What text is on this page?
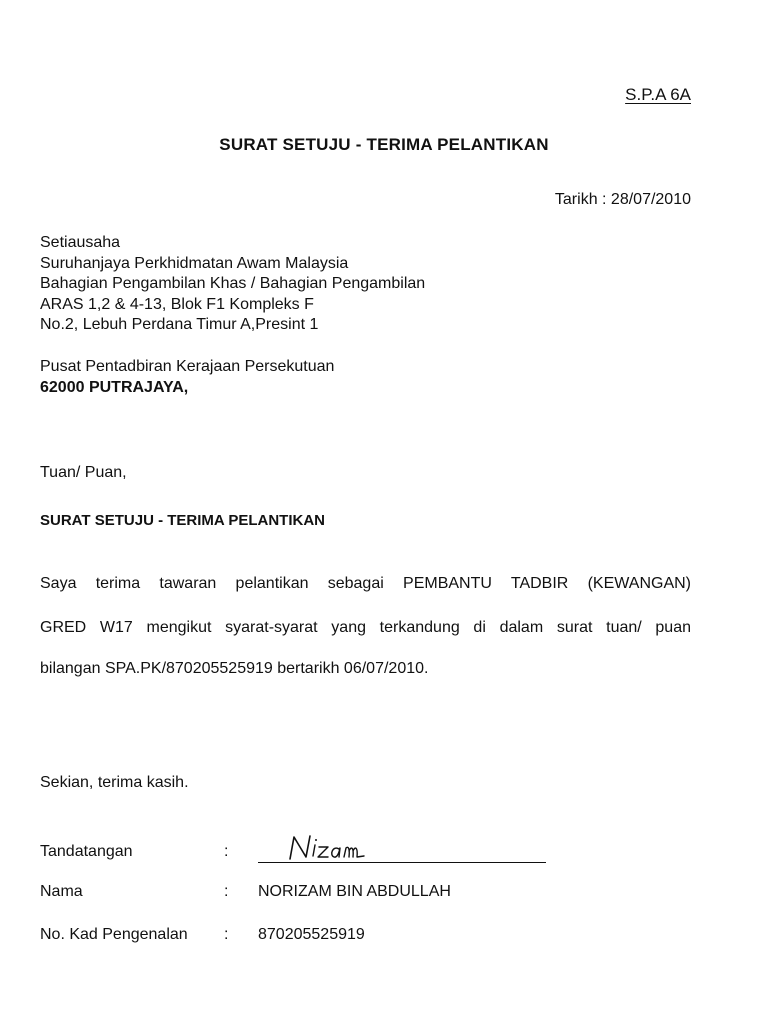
S.P.A 6A
SURAT SETUJU - TERIMA PELANTIKAN
Tarikh : 28/07/2010
Setiausaha
Suruhanjaya Perkhidmatan Awam Malaysia
Bahagian Pengambilan Khas / Bahagian Pengambilan
ARAS 1,2 & 4-13, Blok F1 Kompleks F
No.2, Lebuh Perdana Timur A,Presint 1
Pusat Pentadbiran Kerajaan Persekutuan
62000 PUTRAJAYA,
Tuan/ Puan,
SURAT SETUJU - TERIMA PELANTIKAN
Saya terima tawaran pelantikan sebagai PEMBANTU TADBIR (KEWANGAN)
GRED W17 mengikut syarat-syarat yang terkandung di dalam surat tuan/ puan
bilangan SPA.PK/870205525919 bertarikh 06/07/2010.
Sekian, terima kasih.
Tandatangan	:
Nama	: NORIZAM BIN ABDULLAH
No. Kad Pengenalan : 870205525919
